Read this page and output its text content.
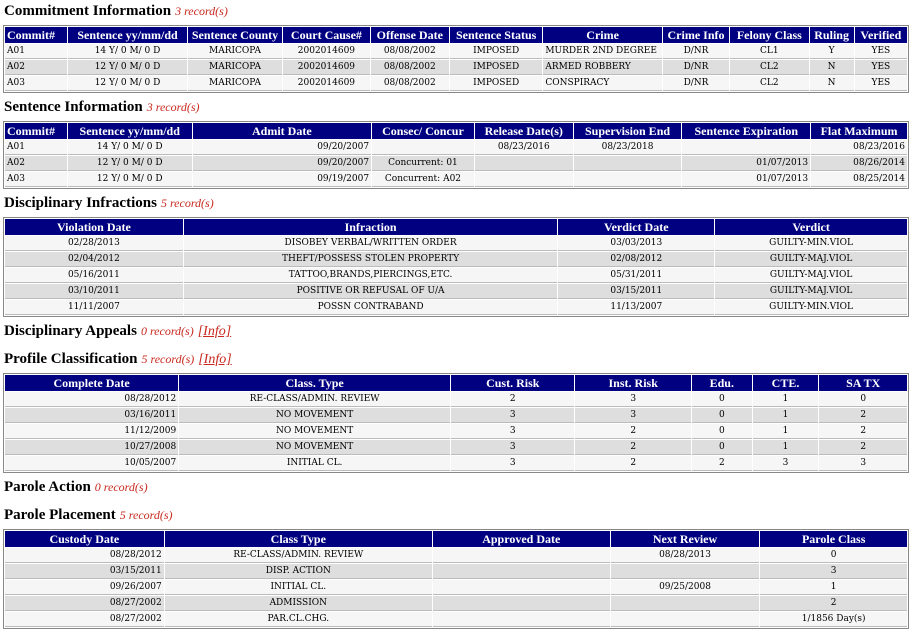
Commitment Information 3 record(s)
Commit#	Sentence yy/mm/dd	Sentence County	Court Cause#	Offense Date	Sentence Status	Crime	Crime Info	Felony Class	Ruling	Verified
A01	14 Y/ 0 M/ 0 D	MARICOPA	2002014609	08/08/2002	IMPOSED	MURDER 2ND DEGREE	D/NR	CL1	Y	YES
A02	12 Y/ 0 M/ 0 D	MARICOPA	2002014609	08/08/2002	IMPOSED	ARMED ROBBERY	D/NR	CL2	N	YES
A03	12 Y/ 0 M/ 0 D	MARICOPA	2002014609	08/08/2002	IMPOSED	CONSPIRACY	D/NR	CL2	N	YES
Sentence Information 3 record(s)
Commit#	Sentence yy/mm/dd	Admit Date	Consec/ Concur	Release Date(s)	Supervision End	Sentence Expiration	Flat Maximum
A01	14 Y/ 0 M/ 0 D	09/20/2007		08/23/2016	08/23/2018		08/23/2016
A02	12 Y/ 0 M/ 0 D	09/20/2007	Concurrent: 01			01/07/2013	08/26/2014
A03	12 Y/ 0 M/ 0 D	09/19/2007	Concurrent: A02			01/07/2013	08/25/2014
Disciplinary Infractions 5 record(s)
Violation Date	Infraction	Verdict Date	Verdict
02/28/2013	DISOBEY VERBAL/WRITTEN ORDER	03/03/2013	GUILTY-MIN.VIOL
02/04/2012	THEFT/POSSESS STOLEN PROPERTY	02/08/2012	GUILTY-MAJ.VIOL
05/16/2011	TATTOO,BRANDS,PIERCINGS,ETC.	05/31/2011	GUILTY-MAJ.VIOL
03/10/2011	POSITIVE OR REFUSAL OF U/A	03/15/2011	GUILTY-MAJ.VIOL
11/11/2007	POSSN CONTRABAND	11/13/2007	GUILTY-MIN.VIOL
Disciplinary Appeals 0 record(s) [Info]
Profile Classification 5 record(s) [Info]
Complete Date	Class. Type	Cust. Risk	Inst. Risk	Edu.	CTE.	SA TX
08/28/2012	RE-CLASS/ADMIN. REVIEW	2	3	0	1	0
03/16/2011	NO MOVEMENT	3	3	0	1	2
11/12/2009	NO MOVEMENT	3	2	0	1	2
10/27/2008	NO MOVEMENT	3	2	0	1	2
10/05/2007	INITIAL CL.	3	2	2	3	3
Parole Action 0 record(s)
Parole Placement 5 record(s)
Custody Date	Class Type	Approved Date	Next Review	Parole Class
08/28/2012	RE-CLASS/ADMIN. REVIEW		08/28/2013	0
03/15/2011	DISP. ACTION			3
09/26/2007	INITIAL CL.		09/25/2008	1
08/27/2002	ADMISSION			2
08/27/2002	PAR.CL.CHG.			1/1856 Day(s)
